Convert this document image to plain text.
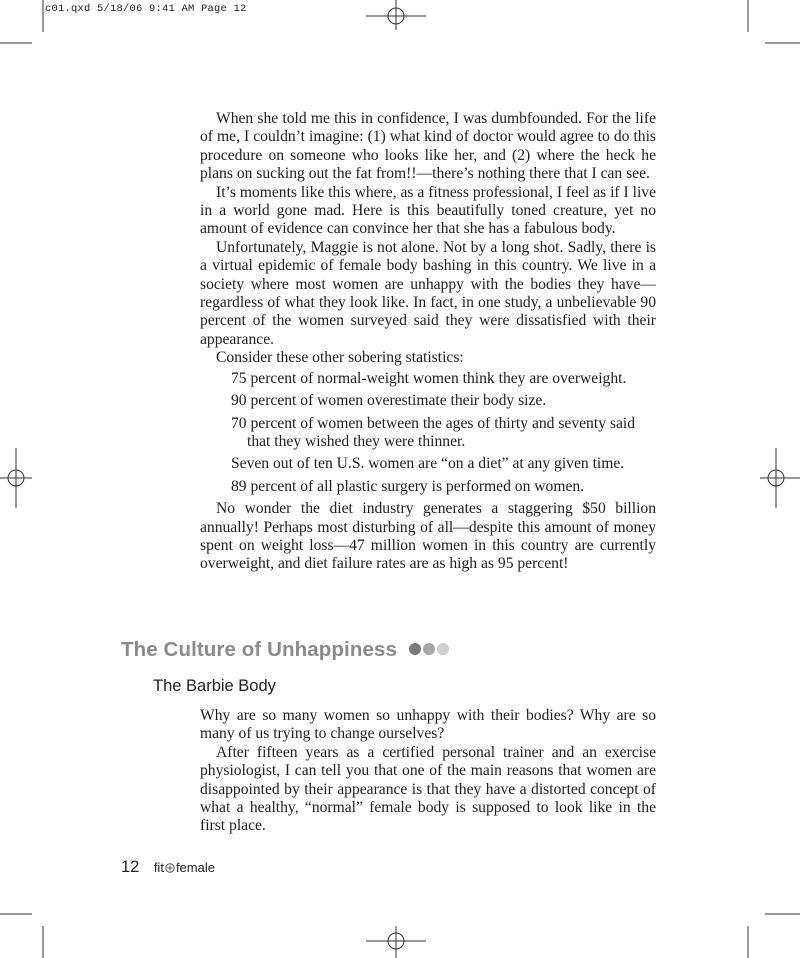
c01.qxd 5/18/06 9:41 AM Page 12

When she told me this in confidence, I was dumbfounded. For the life of me, I couldn’t imagine: (1) what kind of doctor would agree to do this procedure on someone who looks like her, and (2) where the heck he plans on sucking out the fat from!!—there’s nothing there that I can see.

It’s moments like this where, as a fitness professional, I feel as if I live in a world gone mad. Here is this beautifully toned creature, yet no amount of evidence can convince her that she has a fabulous body.

Unfortunately, Maggie is not alone. Not by a long shot. Sadly, there is a virtual epidemic of female body bashing in this country. We live in a society where most women are unhappy with the bodies they have—regardless of what they look like. In fact, in one study, a unbelievable 90 percent of the women surveyed said they were dissatisfied with their appearance.

Consider these other sobering statistics:

75 percent of normal-weight women think they are overweight.
90 percent of women overestimate their body size.
70 percent of women between the ages of thirty and seventy said that they wished they were thinner.
Seven out of ten U.S. women are “on a diet” at any given time.
89 percent of all plastic surgery is performed on women.

No wonder the diet industry generates a staggering $50 billion annually! Perhaps most disturbing of all—despite this amount of money spent on weight loss—47 million women in this country are currently overweight, and diet failure rates are as high as 95 percent!

The Culture of Unhappiness
The Barbie Body

Why are so many women so unhappy with their bodies? Why are so many of us trying to change ourselves?

After fifteen years as a certified personal trainer and an exercise physiologist, I can tell you that one of the main reasons that women are disappointed by their appearance is that they have a distorted concept of what a healthy, “normal” female body is supposed to look like in the first place.

12 fit female
